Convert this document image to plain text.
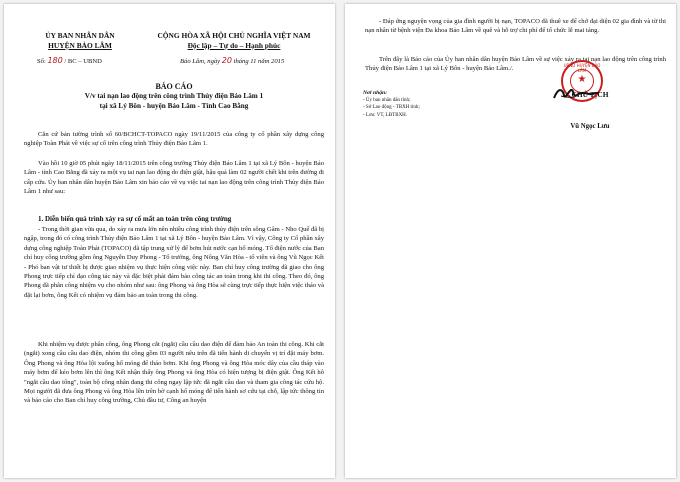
ỦY BAN NHÂN DÂN
HUYỆN BẢO LÂM
CỘNG HÒA XÃ HỘI CHỦ NGHĨA VIỆT NAM
Độc lập – Tự do – Hạnh phúc
Số: 180 / BC – UBND	Bảo Lâm, ngày 20 tháng 11 năm 2015
BÁO CÁO
V/v tai nạn lao động trên công trình Thủy điện Bảo Lâm 1
tại xã Lý Bôn - huyện Bảo Lâm - Tỉnh Cao Bằng
Căn cứ bản tường trình số 60/BCHCT-TOPACO ngày 19/11/2015 của công ty cổ phần xây dựng công nghiệp Toàn Phát về việc sự cố trên công trình Thủy điện Bảo Lâm 1.
Vào hồi 10 giờ 05 phút ngày 18/11/2015 trên công trường Thủy điện Bảo Lâm 1 tại xã Lý Bôn - huyện Bảo Lâm - tỉnh Cao Bằng đã xảy ra một vụ tai nạn lao động do điện giật, hậu quả làm 02 người chết khi trên đường đi cấp cứu. Ủy ban nhân dân huyện Bảo Lâm xin báo cáo về vụ việc tai nạn lao động trên công trình Thủy điện Bảo Lâm 1 như sau:
1. Diễn biến quá trình xảy ra sự cố mất an toàn trên công trường
- Trong thời gian vừa qua, do xảy ra mưa lớn nên nhiều công trình thủy điện trên sông Gâm - Nho Quế đã bị ngập, trong đó có công trình Thủy điện Bảo Lâm 1 tại xã Lý Bôn - huyện Bảo Lâm. Vì vậy, Công ty Cổ phần xây dựng công nghiệp Toàn Phát (TOPACO) đã tập trung xử lý để bơm hút nước cạn hố móng. Tổ điện nước của Ban chỉ huy công trường gồm ông Nguyễn Duy Phong - Tổ trưởng, ông Nông Văn Hòa - tổ viên và ông Vũ Ngọc Kết - Phó ban vật tư thiết bị được giao nhiệm vụ thực hiện công việc này. Ban chỉ huy công trường đã giao cho ông Phong trực tiếp chỉ đạo công tác này và đặc biệt phải đảm bảo công tác an toàn trong khi thi công. Theo đó, ông Phong đã phân công nhiệm vụ cho nhóm như sau: ông Phong và ông Hòa sẽ cùng trực tiếp thực hiện việc tháo và đặt lại bơm, ông Kết có nhiệm vụ đảm bảo an toàn trong thi công.
Khi nhiệm vụ được phân công, ông Phong cắt (ngắt) cầu cầu dao điện để đảm bảo An toàn thi công. Khi cắt (ngắt) xong cầu cầu dao điện, nhóm thi công gồm 03 người nêu trên đã tiến hành di chuyển vị trí đặt máy bơm. Ông Phong và ông Hòa lội xuống hố móng để tháo bơm. Khi ông Phong và ông Hòa móc dây của cầu tháp vào máy bơm để kéo bơm lên thì ông Kết nhận thấy ông Phong và ông Hòa có hiện tượng bị điện giật. Ông Kết hô "ngắt cầu dao tổng", toàn bộ công nhân đang thi công ngay lập tức đã ngắt cầu dao và tham gia công tác cứu hộ. Mọi người đã đưa ông Phong và ông Hòa lên trên bờ cạnh hố móng để tiến hành sơ cứu tại chỗ, lập tức thông tin và báo cáo cho Ban chỉ huy công trường, Chủ đầu tư, Công an huyện
- Đáp ứng nguyện vọng của gia đình người bị nạn, TOPACO đã thuê xe để chở đại diện 02 gia đình và từ thi nạn nhân từ bệnh viện Đa khoa Bảo Lâm về quê và hỗ trợ chi phí để tổ chức lễ mai táng.
Trên đây là Báo cáo của Ủy ban nhân dân huyện Bảo Lâm về sự việc xảy ra tai nạn lao động trên công trình Thủy điện Bảo Lâm 1 tại xã Lý Bôn - huyện Bảo Lâm./.
Nơi nhận:
- Ủy ban nhân dân tỉnh;
- Sở Lao động - TBXH tỉnh;
- Lưu: VT, LĐTBXH.
CHỦ TỊCH
UBND HUYỆN BẢO LÂM
★
Vũ Ngọc Lưu
